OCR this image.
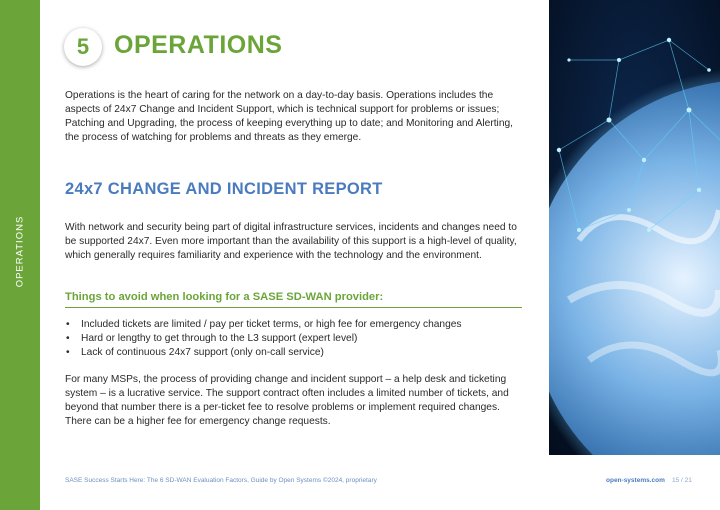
OPERATIONS
5 OPERATIONS

Operations is the heart of caring for the network on a day-to-day basis. Operations includes the aspects of 24x7 Change and Incident Support, which is technical support for problems or issues; Patching and Upgrading, the process of keeping everything up to date; and Monitoring and Alerting, the process of watching for problems and threats as they emerge.

24x7 CHANGE AND INCIDENT REPORT

With network and security being part of digital infrastructure services, incidents and changes need to be supported 24x7. Even more important than the availability of this support is a high-level of quality, which generally requires familiarity and experience with the technology and the environment.

Things to avoid when looking for a SASE SD-WAN provider:
• Included tickets are limited / pay per ticket terms, or high fee for emergency changes
• Hard or lengthy to get through to the L3 support (expert level)
• Lack of continuous 24x7 support (only on-call service)

For many MSPs, the process of providing change and incident support – a help desk and ticketing system – is a lucrative service. The support contract often includes a limited number of tickets, and beyond that number there is a per-ticket fee to resolve problems or implement required changes. There can be a higher fee for emergency change requests.

SASE Success Starts Here: The 6 SD-WAN Evaluation Factors, Guide by Open Systems ©2024, proprietary	open-systems.com 15 / 21
